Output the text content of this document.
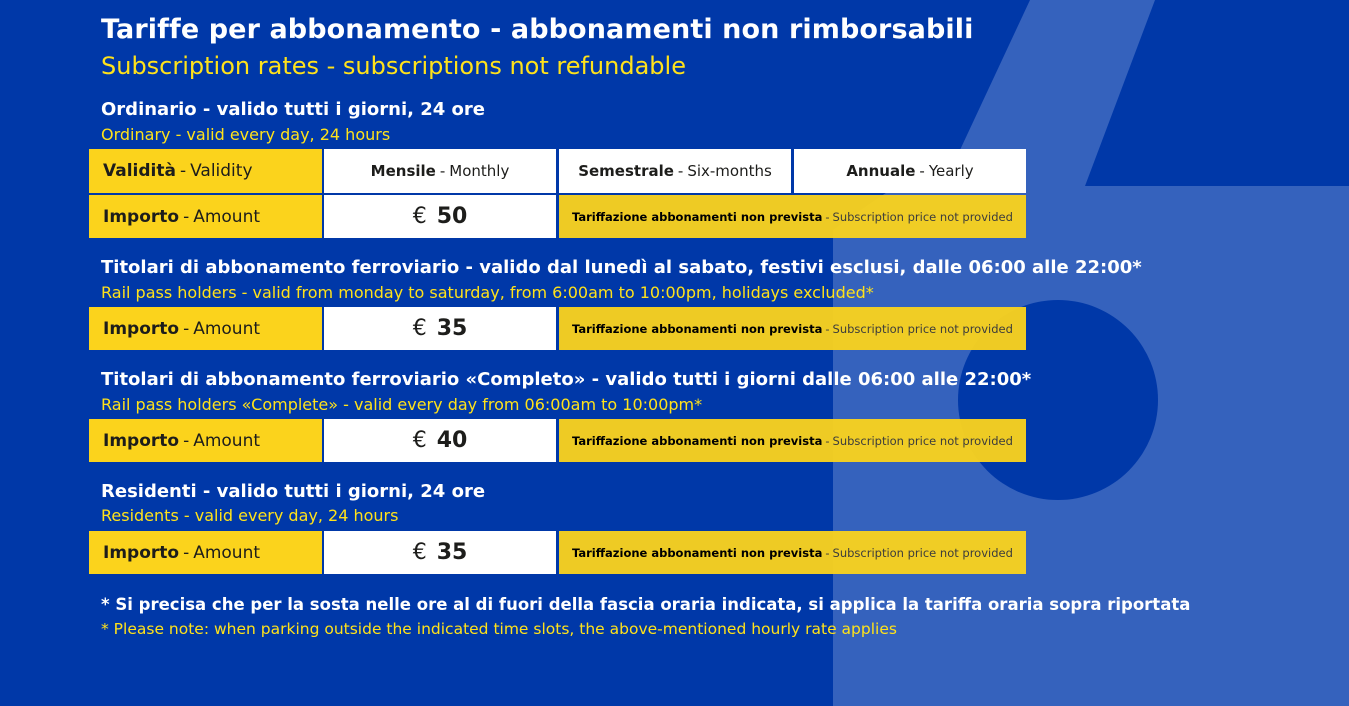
Tariffe per abbonamento - abbonamenti non rimborsabili
Subscription rates - subscriptions not refundable
Ordinario - valido tutti i giorni, 24 ore
Ordinary - valid every day, 24 hours
Validità - Validity	Mensile - Monthly	Semestrale - Six-months	Annuale - Yearly
Importo - Amount	€ 50	Tariffazione abbonamenti non prevista - Subscription price not provided
Titolari di abbonamento ferroviario - valido dal lunedì al sabato, festivi esclusi, dalle 06:00 alle 22:00*
Rail pass holders - valid from monday to saturday, from 6:00am to 10:00pm, holidays excluded*
Importo - Amount	€ 35	Tariffazione abbonamenti non prevista - Subscription price not provided
Titolari di abbonamento ferroviario «Completo» - valido tutti i giorni dalle 06:00 alle 22:00*
Rail pass holders «Complete» - valid every day from 06:00am to 10:00pm*
Importo - Amount	€ 40	Tariffazione abbonamenti non prevista - Subscription price not provided
Residenti - valido tutti i giorni, 24 ore
Residents - valid every day, 24 hours
Importo - Amount	€ 35	Tariffazione abbonamenti non prevista - Subscription price not provided
* Si precisa che per la sosta nelle ore al di fuori della fascia oraria indicata, si applica la tariffa oraria sopra riportata
* Please note: when parking outside the indicated time slots, the above-mentioned hourly rate applies
